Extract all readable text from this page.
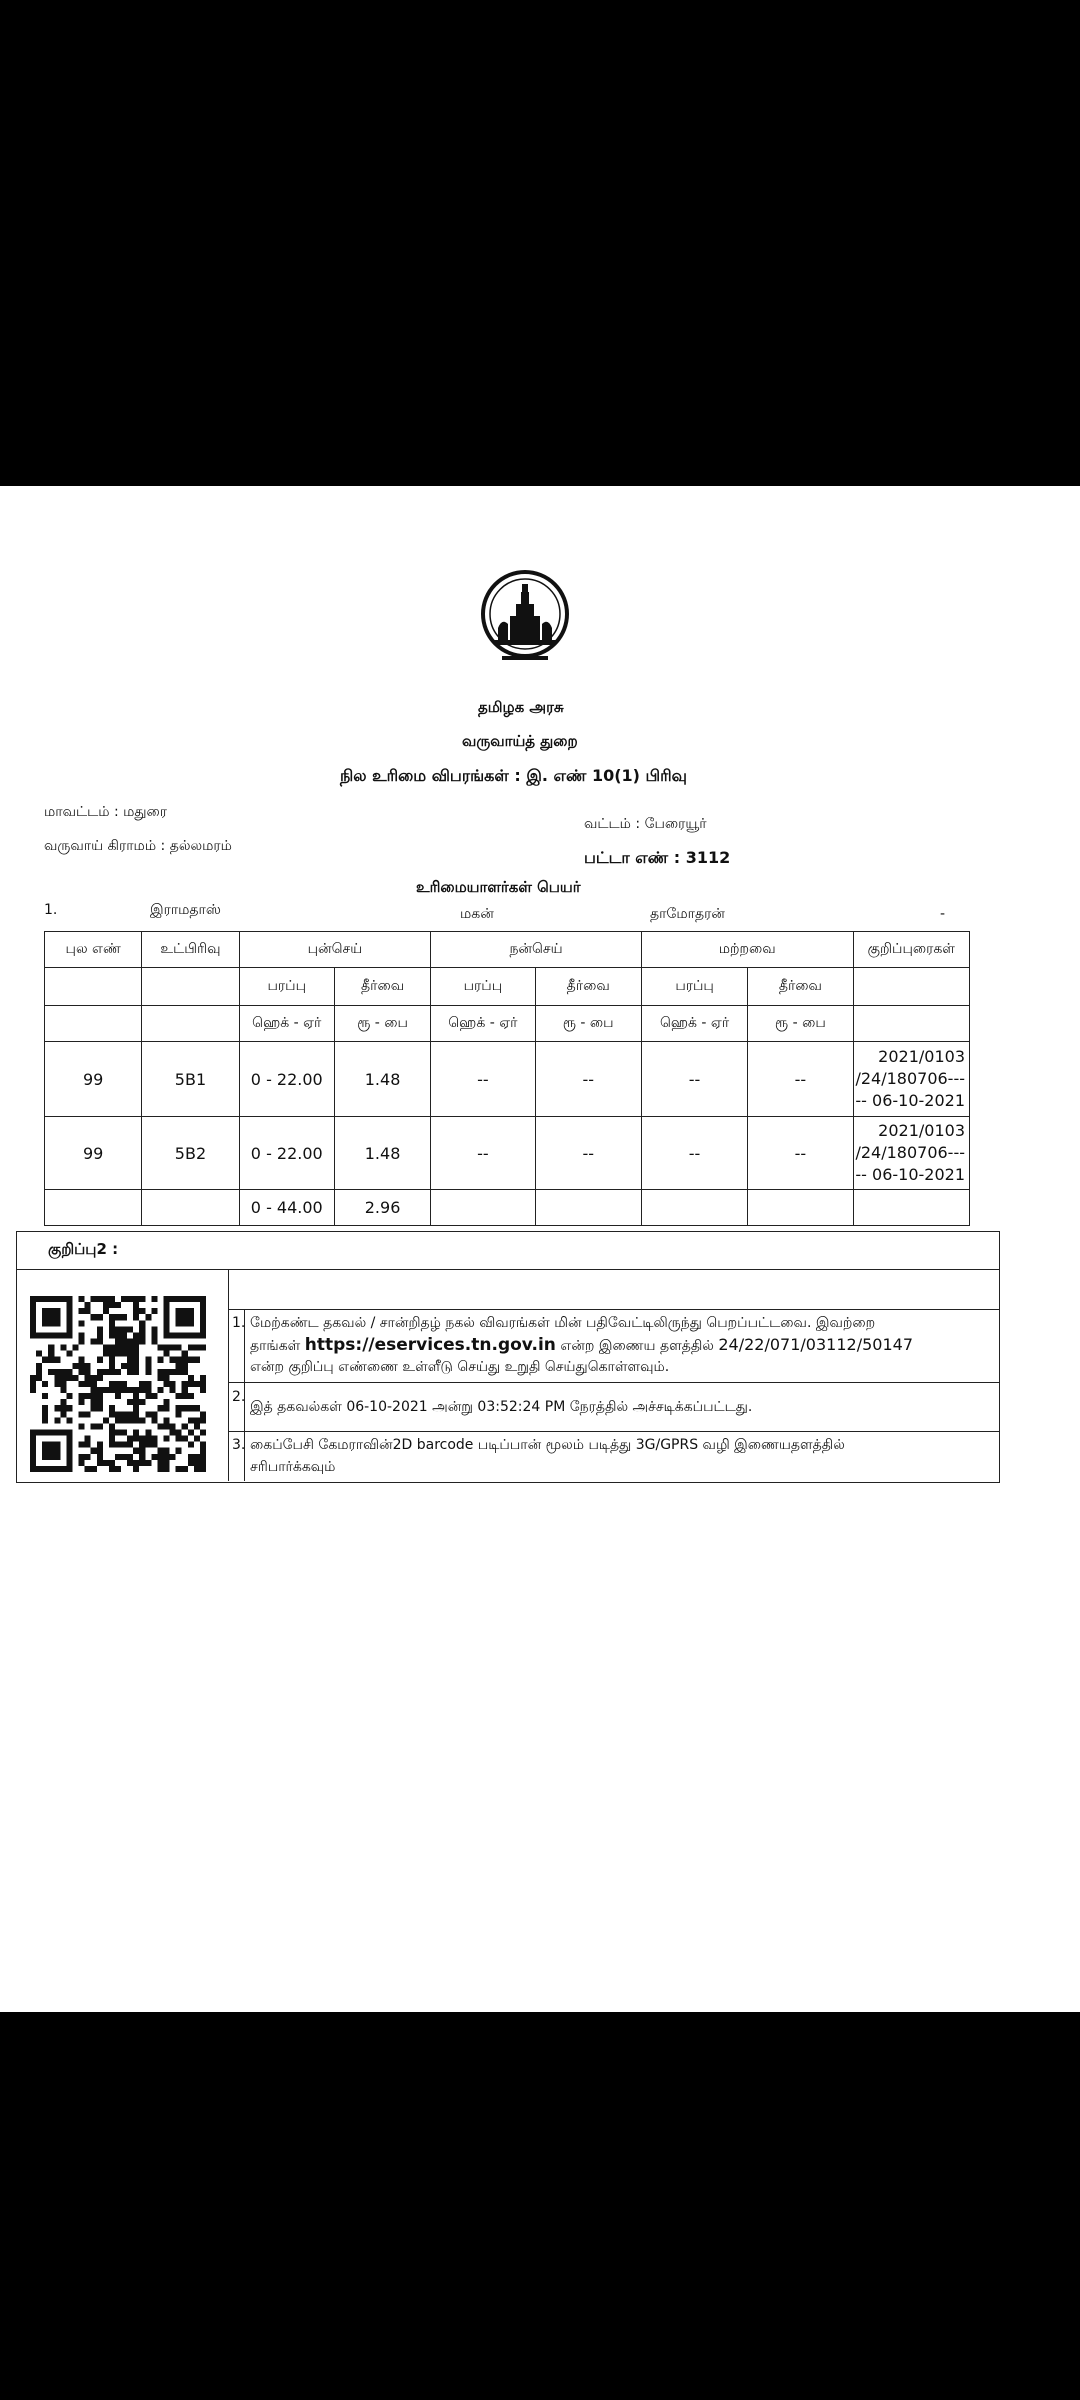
தமிழக அரசு
வருவாய்த் துறை
நில உரிமை விபரங்கள் : இ. எண் 10(1) பிரிவு
மாவட்டம் : மதுரை
வட்டம் : பேரையூர்
வருவாய் கிராமம் : தல்லமரம்
பட்டா எண் : 3112
உரிமையாளர்கள் பெயர்
1.	இராமதாஸ்	மகன்	தாமோதரன்	-
புல எண்	உட்பிரிவு	புன்செய்		நன்செய்		மற்றவை		குறிப்புரைகள்
		பரப்பு	தீர்வை	பரப்பு	தீர்வை	பரப்பு	தீர்வை	
		ஹெக் - ஏர்	ரூ - பை	ஹெக் - ஏர்	ரூ - பை	ஹெக் - ஏர்	ரூ - பை	
99	5B1	0 - 22.00	1.48	--	--	--	--	2021/0103 /24/180706--- -- 06-10-2021
99	5B2	0 - 22.00	1.48	--	--	--	--	2021/0103 /24/180706--- -- 06-10-2021
		0 - 44.00	2.96					
குறிப்பு2 :
1. மேற்கண்ட தகவல் / சான்றிதழ் நகல் விவரங்கள் மின் பதிவேட்டிலிருந்து பெறப்பட்டவை. இவற்றை
தாங்கள் https://eservices.tn.gov.in என்ற இணைய தளத்தில் 24/22/071/03112/50147
என்ற குறிப்பு எண்ணை உள்ளீடு செய்து உறுதி செய்துகொள்ளவும்.
2.
இத் தகவல்கள் 06-10-2021 அன்று 03:52:24 PM நேரத்தில் அச்சடிக்கப்பட்டது.
3. கைப்பேசி கேமராவின்2D barcode படிப்பான் மூலம் படித்து 3G/GPRS வழி இணையதளத்தில்
சரிபார்க்கவும்
